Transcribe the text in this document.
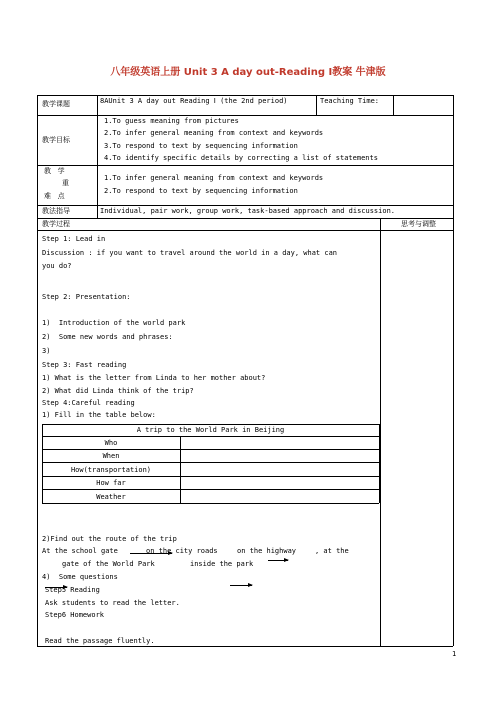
八年级英语上册 Unit 3 A day out-Reading Ⅰ教案 牛津版
教学课题	8AUnit 3 A day out Reading Ⅰ (the 2nd period)	Teaching Time:
教学目标
1.To guess meaning from pictures
2.To infer general meaning from context and keywords
3.To respond to text by sequencing information
4.To identify specific details by correcting a list of statements
教   学
重
难   点
1.To infer general meaning from context and keywords
2.To respond to text by sequencing information
教法指导	Individual, pair work, group work, task-based approach and discussion.
教学过程	思考与调整
Step 1: Lead in
Discussion : if you want to travel around the world in a day, what can
you do?
Step 2: Presentation:
1)  Introduction of the world park
2)  Some new words and phrases:
3)
Step 3: Fast reading
1) What is the letter from Linda to her mother about?
2) What did Linda think of the trip?
Step 4:Careful reading
1) Fill in the table below:
A trip to the World Park in Beijing
Who
When
How(transportation)
How far
Weather
2)Find out the route of the trip
At the school gate	on the city roads	on the highway	, at the
gate of the World Park	inside the park
4)  Some questions
Step5 Reading
Ask students to read the letter.
Step6 Homework
Read the passage fluently.
1
